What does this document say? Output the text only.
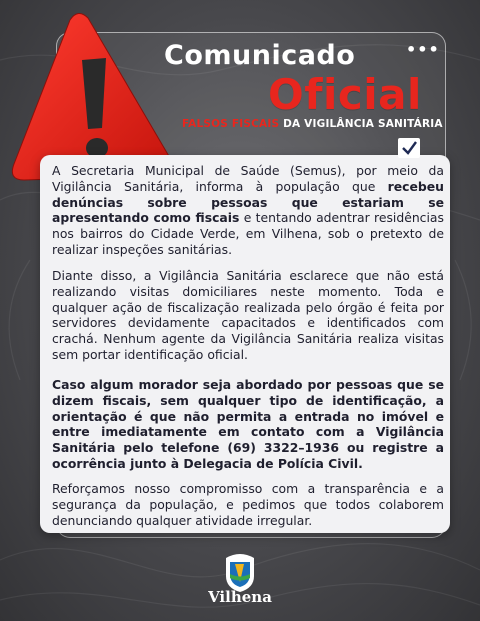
•••
Comunicado
Oficial
FALSOS FISCAIS DA VIGILÂNCIA SANITÁRIA

A Secretaria Municipal de Saúde (Semus), por meio da Vigilância Sanitária, informa à população que recebeu denúncias sobre pessoas que estariam se apresentando como fiscais e tentando adentrar residências nos bairros do Cidade Verde, em Vilhena, sob o pretexto de realizar inspeções sanitárias.

Diante disso, a Vigilância Sanitária esclarece que não está realizando visitas domiciliares neste momento. Toda e qualquer ação de fiscalização realizada pelo órgão é feita por servidores devidamente capacitados e identificados com crachá. Nenhum agente da Vigilância Sanitária realiza visitas sem portar identificação oficial.

Caso algum morador seja abordado por pessoas que se dizem fiscais, sem qualquer tipo de identificação, a orientação é que não permita a entrada no imóvel e entre imediatamente em contato com a Vigilância Sanitária pelo telefone (69) 3322–1936 ou registre a ocorrência junto à Delegacia de Polícia Civil.

Reforçamos nosso compromisso com a transparência e a segurança da população, e pedimos que todos colaborem denunciando qualquer atividade irregular.

Vilhena
